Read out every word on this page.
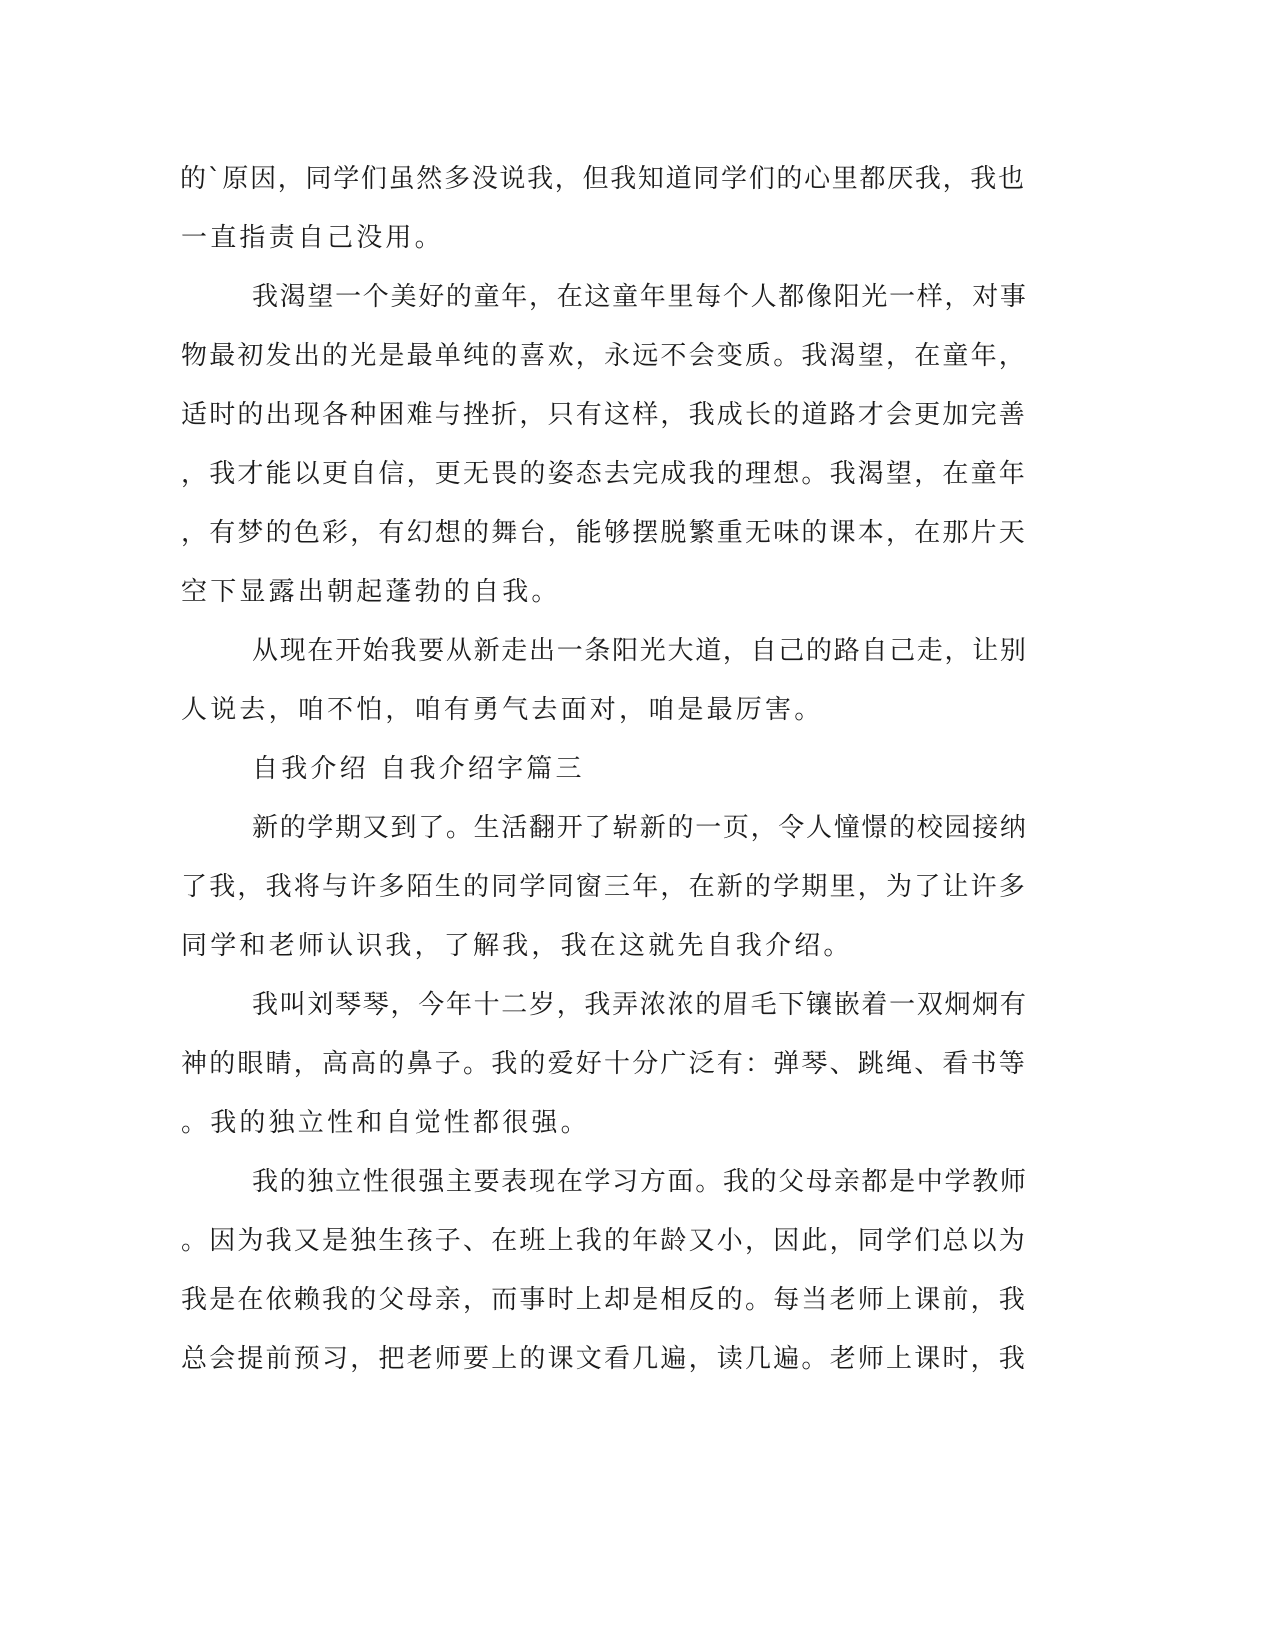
的`原因，同学们虽然多没说我，但我知道同学们的心里都厌我，我也
一直指责自己没用。
我渴望一个美好的童年，在这童年里每个人都像阳光一样，对事
物最初发出的光是最单纯的喜欢，永远不会变质。我渴望，在童年，
适时的出现各种困难与挫折，只有这样，我成长的道路才会更加完善
，我才能以更自信，更无畏的姿态去完成我的理想。我渴望，在童年
，有梦的色彩，有幻想的舞台，能够摆脱繁重无味的课本，在那片天
空下显露出朝起蓬勃的自我。
从现在开始我要从新走出一条阳光大道，自己的路自己走，让别
人说去，咱不怕，咱有勇气去面对，咱是最厉害。
自我介绍 自我介绍字篇三
新的学期又到了。生活翻开了崭新的一页，令人憧憬的校园接纳
了我，我将与许多陌生的同学同窗三年，在新的学期里，为了让许多
同学和老师认识我，了解我，我在这就先自我介绍。
我叫刘琴琴，今年十二岁，我弄浓浓的眉毛下镶嵌着一双炯炯有
神的眼睛，高高的鼻子。我的爱好十分广泛有：弹琴、跳绳、看书等
。我的独立性和自觉性都很强。
我的独立性很强主要表现在学习方面。我的父母亲都是中学教师
。因为我又是独生孩子、在班上我的年龄又小，因此，同学们总以为
我是在依赖我的父母亲，而事时上却是相反的。每当老师上课前，我
总会提前预习，把老师要上的课文看几遍，读几遍。老师上课时，我
